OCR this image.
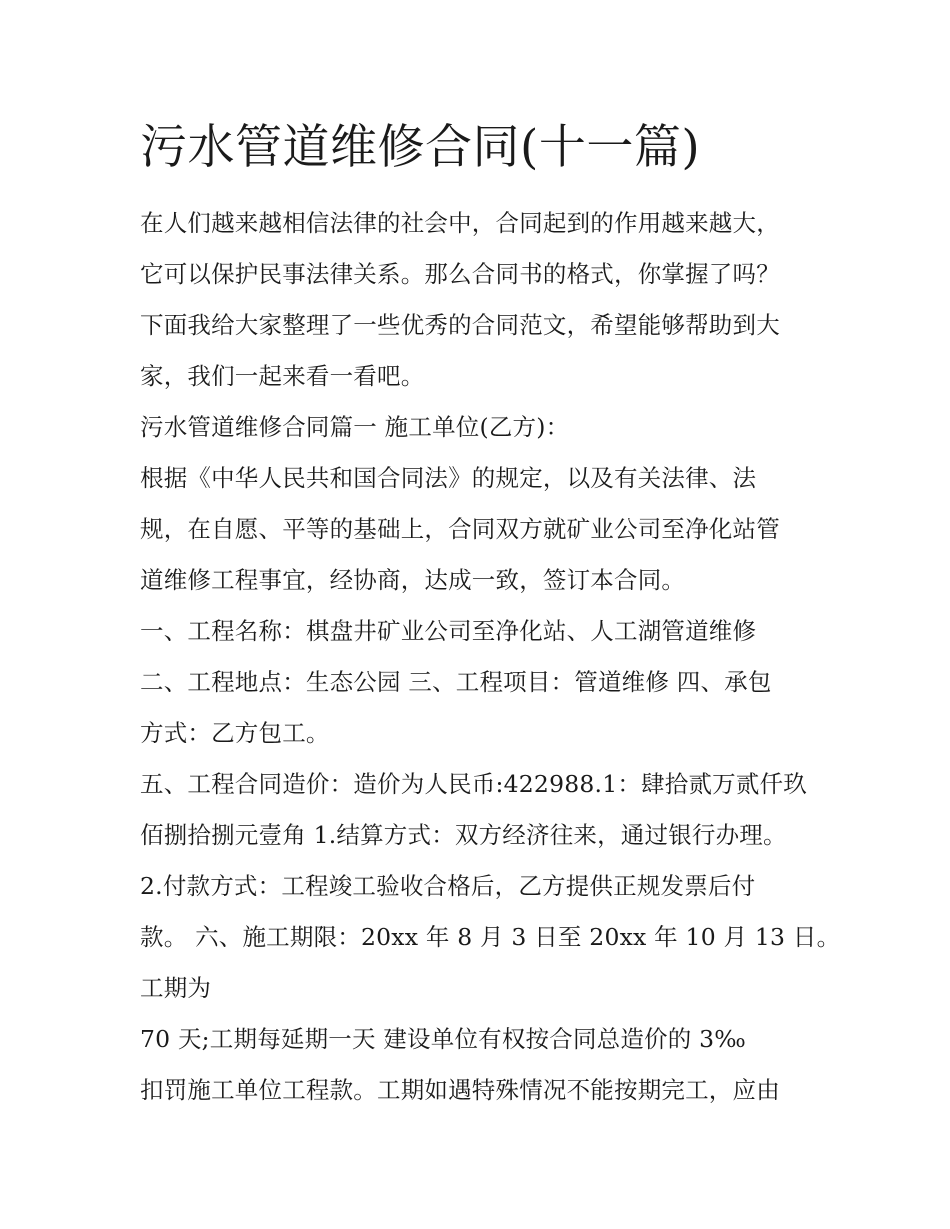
污水管道维修合同(十一篇)
在人们越来越相信法律的社会中，合同起到的作用越来越大，
它可以保护民事法律关系。那么合同书的格式，你掌握了吗？
下面我给大家整理了一些优秀的合同范文，希望能够帮助到大
家，我们一起来看一看吧。
污水管道维修合同篇一 施工单位(乙方)：
根据《中华人民共和国合同法》的规定，以及有关法律、法
规，在自愿、平等的基础上，合同双方就矿业公司至净化站管
道维修工程事宜，经协商，达成一致，签订本合同。
一、工程名称：棋盘井矿业公司至净化站、人工湖管道维修
二、工程地点：生态公园 三、工程项目：管道维修 四、承包
方式：乙方包工。
五、工程合同造价：造价为人民币:422988.1：肆拾贰万贰仟玖
佰捌拾捌元壹角 1.结算方式：双方经济往来，通过银行办理。
2.付款方式：工程竣工验收合格后，乙方提供正规发票后付
款。 六、施工期限：20xx 年 8 月 3 日至 20xx 年 10 月 13 日。
工期为
70 天;工期每延期一天 建设单位有权按合同总造价的 3‰
扣罚施工单位工程款。工期如遇特殊情况不能按期完工，应由
